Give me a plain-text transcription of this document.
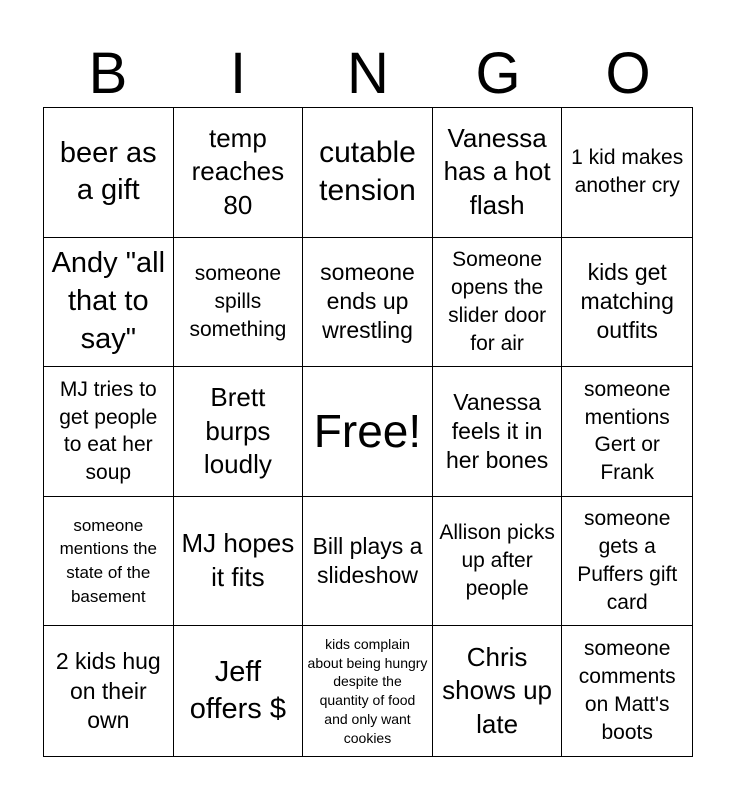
B	I	N	G	O
beer as a gift
temp reaches 80
cutable tension
Vanessa has a hot flash
1 kid makes another cry
Andy "all that to say"
someone spills something
someone ends up wrestling
Someone opens the slider door for air
kids get matching outfits
MJ tries to get people to eat her soup
Brett burps loudly
Free!
Vanessa feels it in her bones
someone mentions Gert or Frank
someone mentions the state of the basement
MJ hopes it fits
Bill plays a slideshow
Allison picks up after people
someone gets a Puffers gift card
2 kids hug on their own
Jeff offers $
kids complain about being hungry despite the quantity of food and only want cookies
Chris shows up late
someone comments on Matt's boots
